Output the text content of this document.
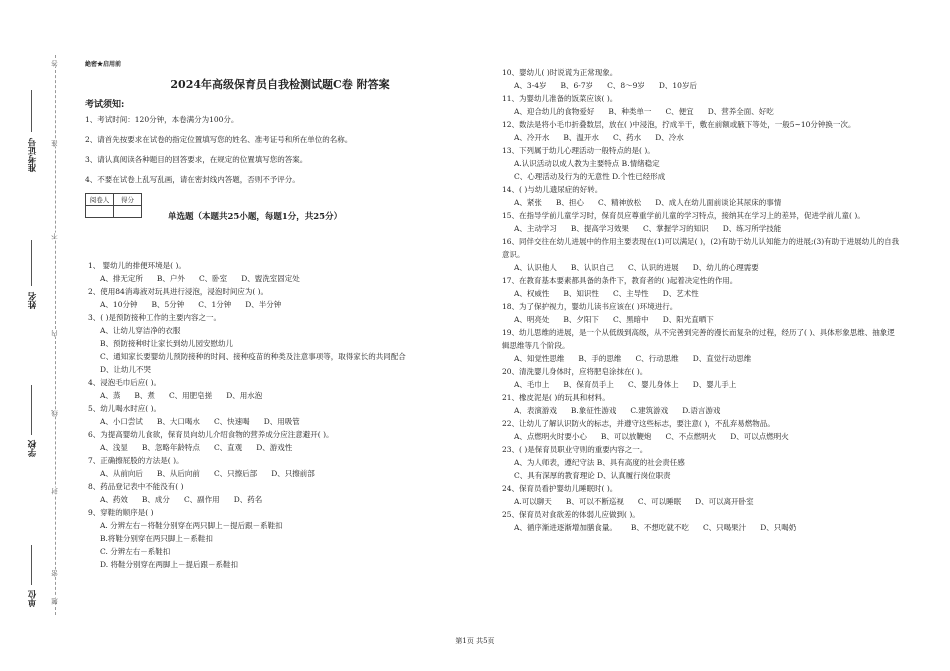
准考证号
姓名
学校
单位
答
准
不
内
线
封
密
题
絶密★启用前
2024年高级保育员自我检测试题C卷 附答案
考试须知:
1、考试时间：120分钟，本卷满分为100分。
2、请首先按要求在试卷的指定位置填写您的姓名、准考证号和所在单位的名称。
3、请认真阅读各种题目的回答要求，在规定的位置填写您的答案。
4、不要在试卷上乱写乱画，请在密封线内答题，否则不予评分。
阅卷人	得分

单选题（本题共25小题，每题1分，共25分）
1、 婴幼儿的排便环境是( )。
A、排无定所 B、户外 C、卧室 D、盥洗室固定处
2、使用84消毒液对玩具进行浸泡，浸泡时间应为( )。
A、10分钟 B、5分钟 C、1分钟 D、半分钟
3、( )是预防接种工作的主要内容之一。
A、让幼儿穿洁净的衣服
B、预防接种时让家长到幼儿园安慰幼儿
C、通知家长要婴幼儿预防接种的时间、接种疫苗的种类及注意事项等，取得家长的共同配合
D、让幼儿不哭
4、浸泡毛巾后应( )。
A、蒸 B、煮 C、用肥皂搓 D、用水泡
5、幼儿喝水时应( )。
A、小口尝试 B、大口喝水 C、快速喝 D、用吸管
6、为提高婴幼儿食欲，保育员向幼儿介绍食物的营养成分应注意避开( )。
A、浅显 B、忽略年龄特点 C、直观 D、游戏性
7、正确擦屁股的方法是( )。
A、从前向后 B、从后向前 C、只擦后部 D、只擦前部
8、药品登记表中不能没有( )
A、药效 B、成分 C、副作用 D、药名
9、穿鞋的顺序是( )
A. 分辨左右－将鞋分别穿在两只脚上－提后跟－系鞋扣
B.将鞋分别穿在两只脚上－系鞋扣
C. 分辨左右－系鞋扣
D. 将鞋分别穿在两脚上－提后跟－系鞋扣
10、婴幼儿( )时说谎为正常现象。
A、3-4岁 B、6-7岁 C、8～9岁 D、10岁后
11、为婴幼儿准备的饭菜应该( )。
A、迎合幼儿的食物爱好 B、种类单一 C、便宜 D、营养全面、好吃
12、数法是将小毛巾折叠数层，放在( )中浸泡，拧成半干，敷在前额或腋下等处，一般5~10分钟换一次。
A、冷开水 B、温开水 C、药水 D、冷水
13、下列属于幼儿心理活动一般特点的是( )。
A.认识活动以成人教为主要特点 B.情绪稳定
C、心理活动及行为的无意性 D.个性已经形成
14、( )与幼儿遗尿症的好转。
A、紧张 B、担心 C、精神放松 D、成人在幼儿面前谈论其尿床的事情
15、在指导学前儿童学习时，保育员应尊重学前儿童的学习特点，接纳其在学习上的差异，促进学前儿童( )。
A、主动学习 B、提高学习效果 C、掌握学习的知识 D、练习所学技能
16、同伴交往在幼儿进展中的作用主要表现在(1)可以满足( )，(2)有助于幼儿认知能力的进展;(3)有助于进展幼儿的自我意识。
A、认识他人 B、认识自己 C、认识的进展 D、幼儿的心理需要
17、在教育基本要素都具备的条件下，教育者的( )起着决定性的作用。
A、权威性 B、知识性 C、主导性 D、艺术性
18、为了保护视力，婴幼儿读书应该在( )环境进行。
A、明亮处 B、夕阳下 C、黑暗中 D、阳光直晒下
19、幼儿思维的进展，是一个从低级到高级，从不完善到完善的漫长而复杂的过程，经历了( )、具体形象思维、抽象逻辑思维等几个阶段。
A、知觉性思维 B、手的思维 C、行动思维 D、直觉行动思维
20、清洗婴儿身体时，应将肥皂涂抹在( )。
A、毛巾上 B、保育员手上 C、婴儿身体上 D、婴儿手上
21、橡皮泥是( )的玩具和材料。
A．表演游戏 B.象征性游戏 C.建筑游戏 D.语言游戏
22、让幼儿了解认识防火的标志，并遵守这些标志，要注意( )，不乱弃易燃物品。
A、点燃明火时要小心 B、可以放鞭炮 C、不点燃明火 D、可以点燃明火
23、( )是保育员职业守则的重要内容之一。
A、为人师表，遵纪守法 B、具有高度的社会责任感
C、具有深厚的教育理论 D、认真履行岗位职责
24、保育员看护婴幼儿睡眠时( )。
A.可以聊天 B、可以不断巡视 C、可以睡眠 D、可以离开卧室
25、保育员对食欲差的体弱儿应做到( )。
A、循序渐进逐渐增加膳食量。 B、不想吃就不吃 C、只喝果汁 D、只喝奶
第1页 共5页
